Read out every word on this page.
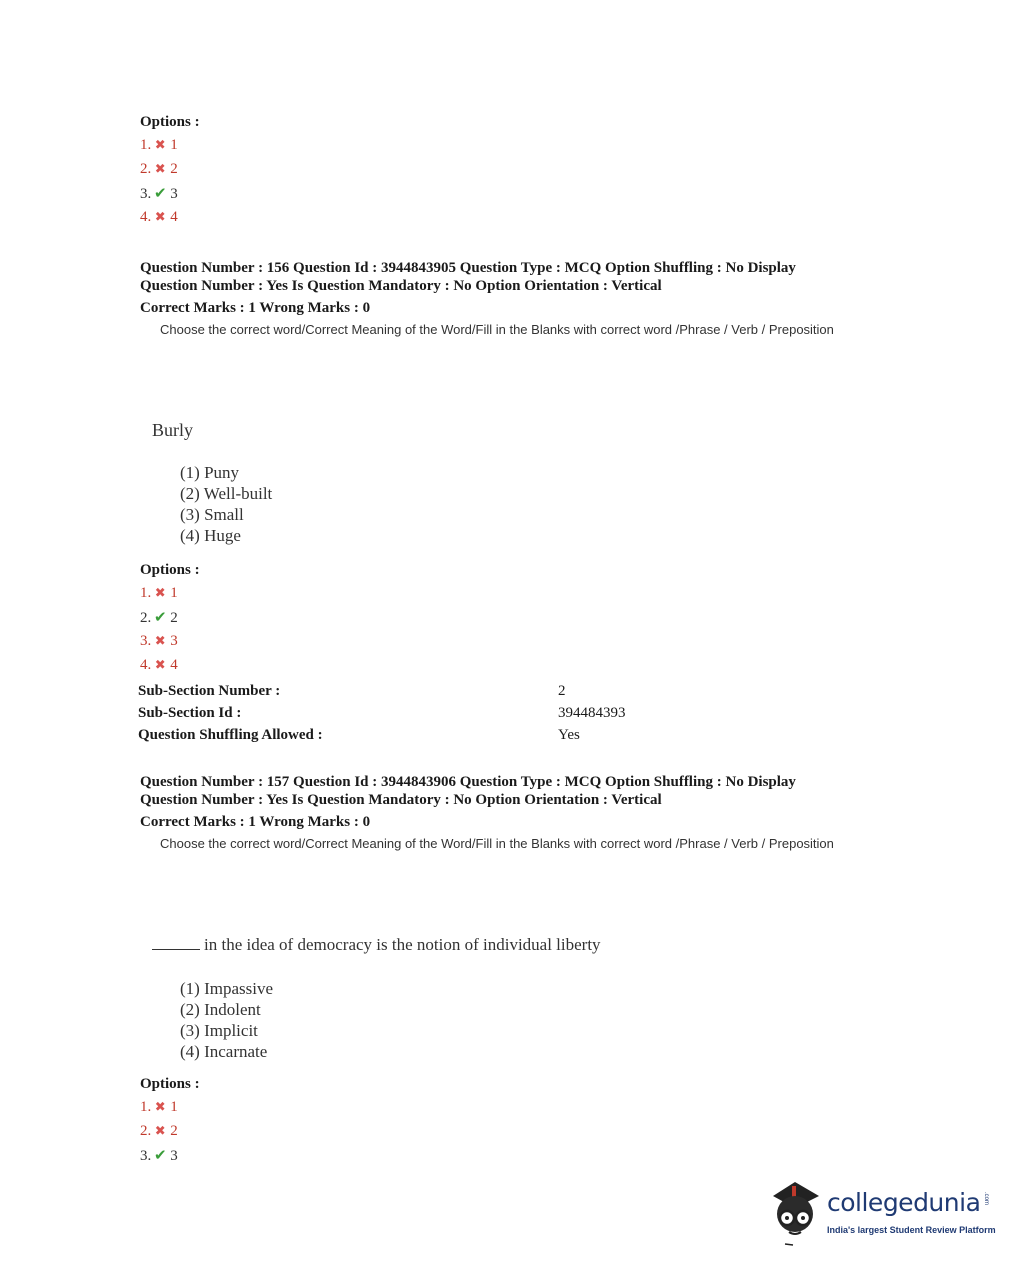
Options :
1. ✖ 1
2. ✖ 2
3. ✔ 3
4. ✖ 4
Question Number : 156 Question Id : 3944843905 Question Type : MCQ Option Shuffling : No Display
Question Number : Yes Is Question Mandatory : No Option Orientation : Vertical
Correct Marks : 1 Wrong Marks : 0
Choose the correct word/Correct Meaning of the Word/Fill in the Blanks with correct word /Phrase / Verb / Preposition
Burly
(1) Puny
(2) Well-built
(3) Small
(4) Huge
Options :
1. ✖ 1
2. ✔ 2
3. ✖ 3
4. ✖ 4
Sub-Section Number :	2
Sub-Section Id :	394484393
Question Shuffling Allowed :	Yes
Question Number : 157 Question Id : 3944843906 Question Type : MCQ Option Shuffling : No Display
Question Number : Yes Is Question Mandatory : No Option Orientation : Vertical
Correct Marks : 1 Wrong Marks : 0
Choose the correct word/Correct Meaning of the Word/Fill in the Blanks with correct word /Phrase / Verb / Preposition
in the idea of democracy is the notion of individual liberty
(1) Impassive
(2) Indolent
(3) Implicit
(4) Incarnate
Options :
1. ✖ 1
2. ✖ 2
3. ✔ 3
collegedunia .com
India's largest Student Review Platform
